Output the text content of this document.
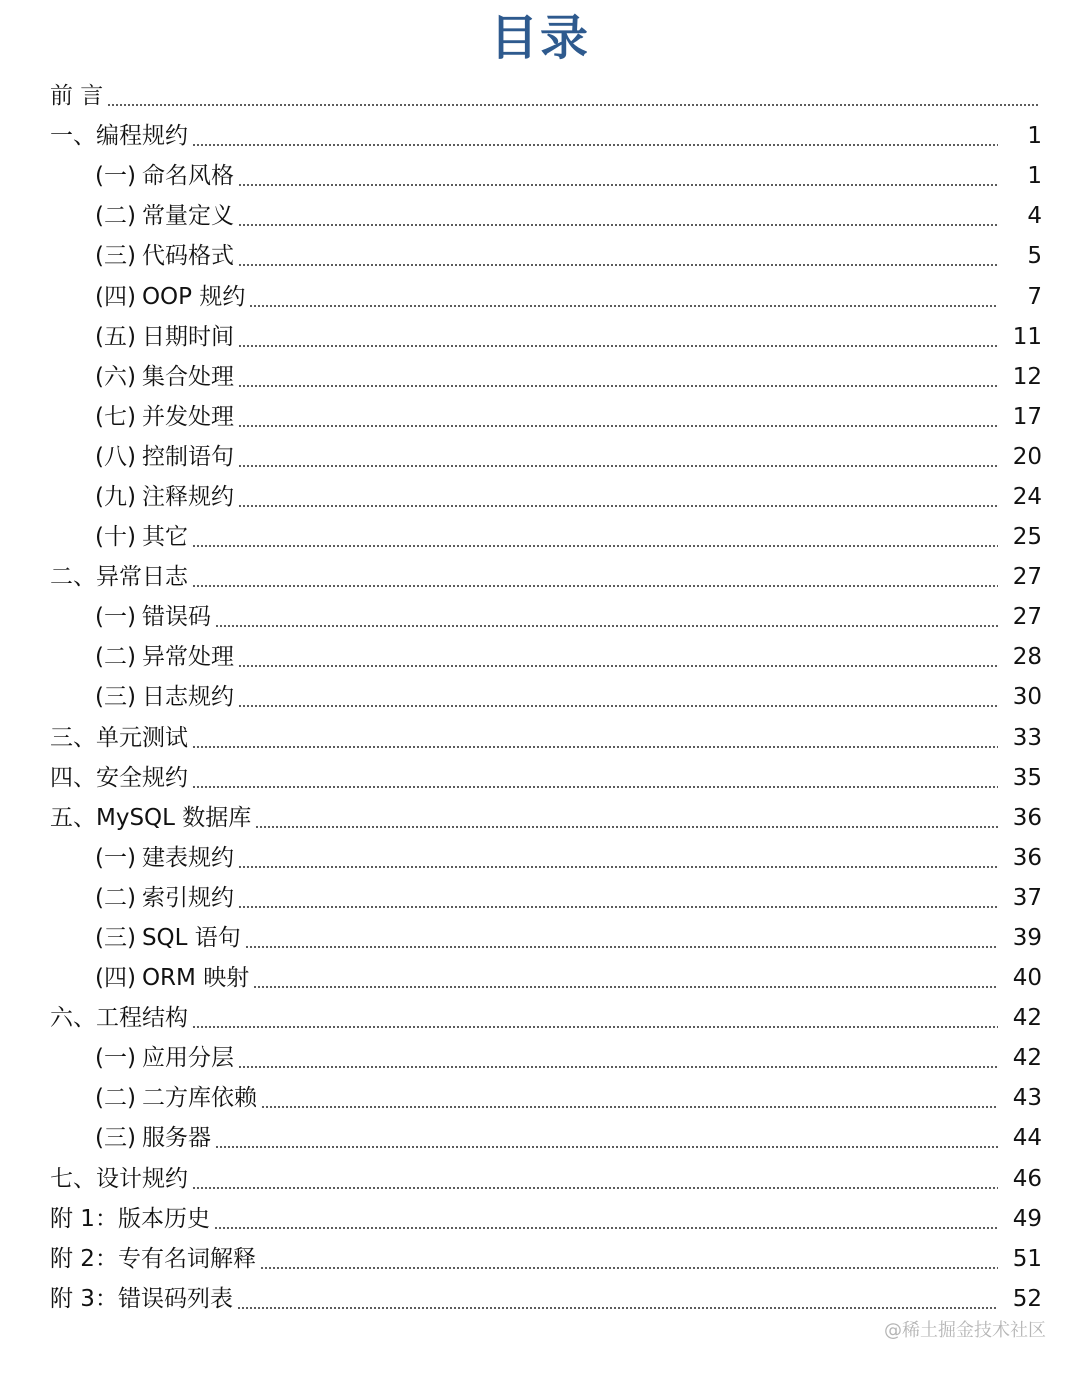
目录
前 言
一、编程规约	1
(一) 命名风格	1
(二) 常量定义	4
(三) 代码格式	5
(四) OOP 规约	7
(五) 日期时间	11
(六) 集合处理	12
(七) 并发处理	17
(八) 控制语句	20
(九) 注释规约	24
(十) 其它	25
二、异常日志	27
(一) 错误码	27
(二) 异常处理	28
(三) 日志规约	30
三、单元测试	33
四、安全规约	35
五、MySQL 数据库	36
(一) 建表规约	36
(二) 索引规约	37
(三) SQL 语句	39
(四) ORM 映射	40
六、工程结构	42
(一) 应用分层	42
(二) 二方库依赖	43
(三) 服务器	44
七、设计规约	46
附 1：版本历史	49
附 2：专有名词解释	51
附 3：错误码列表	52
@稀土掘金技术社区
